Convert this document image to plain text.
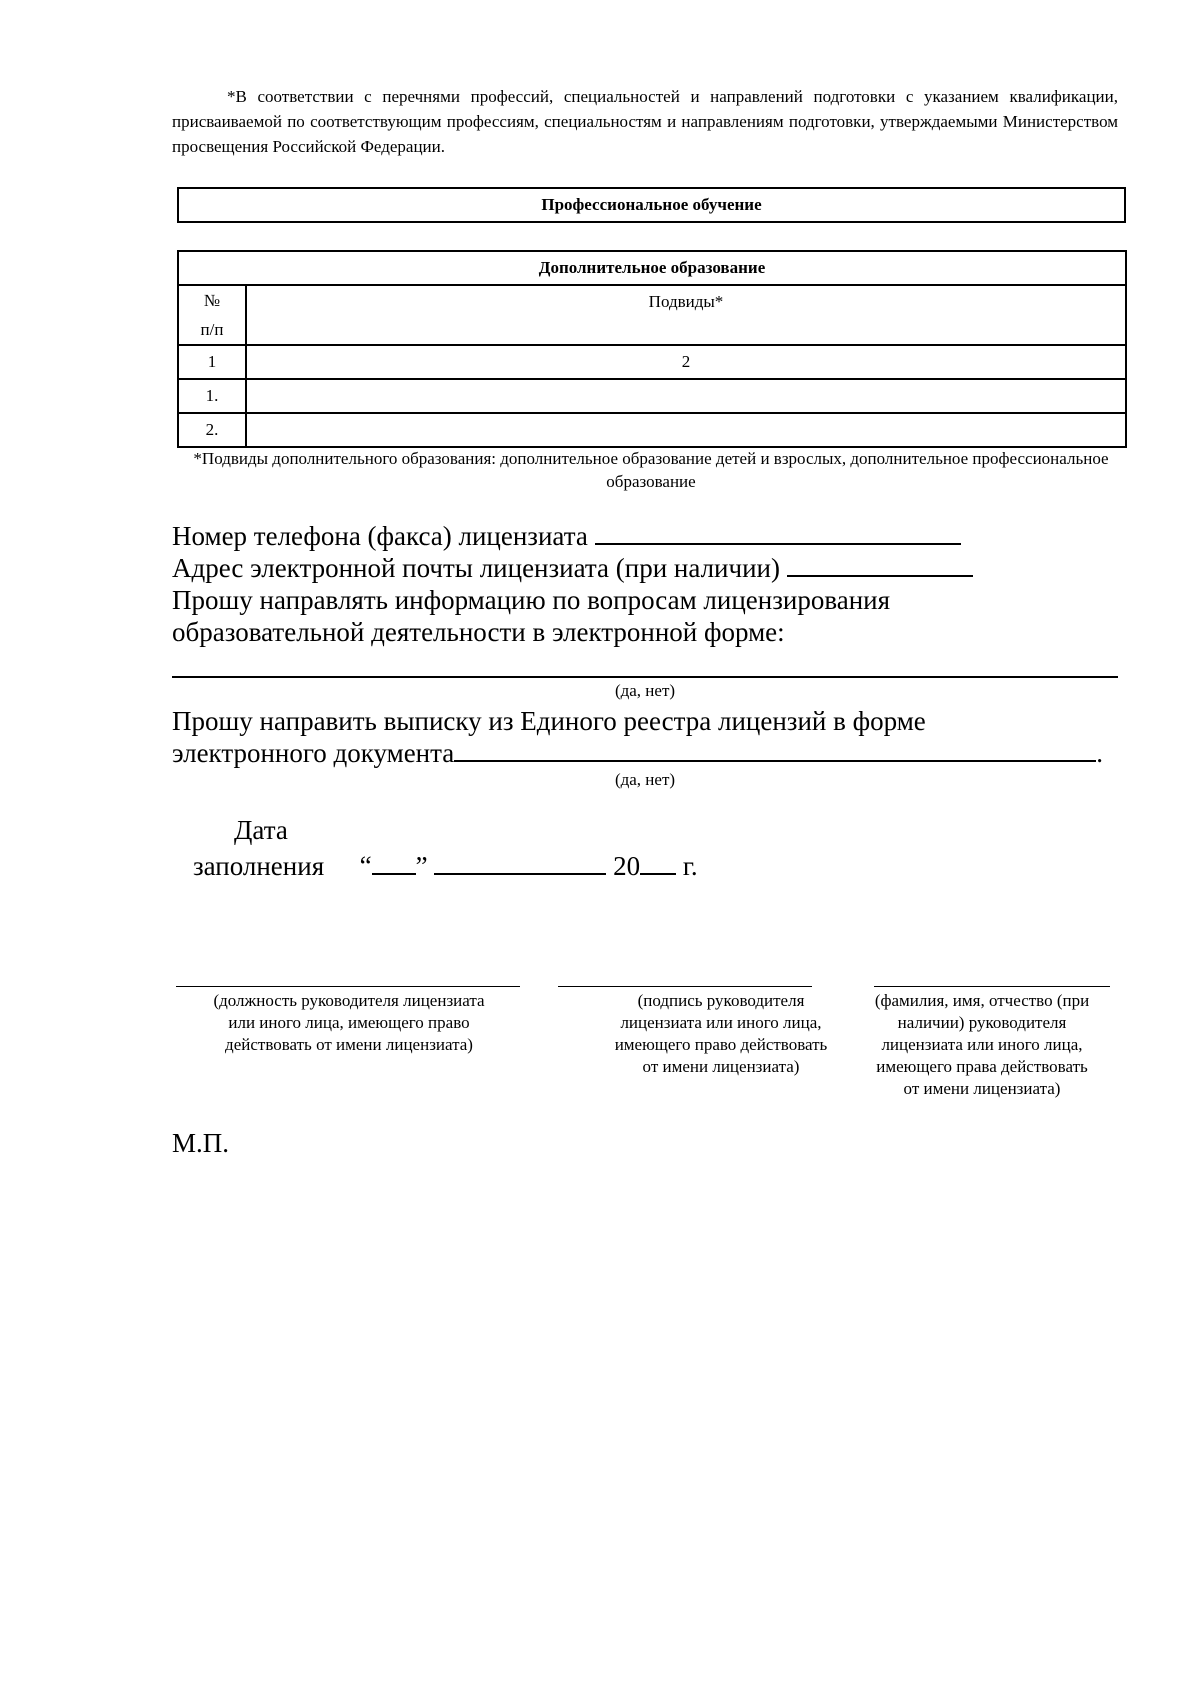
*В соответствии с перечнями профессий, специальностей и направлений подготовки с указанием квалификации, присваиваемой по соответствующим профессиям, специальностям и направлениям подготовки, утверждаемыми Министерством просвещения Российской Федерации.
Профессиональное обучение
Дополнительное образование	

№
п/п	Подвиды*
1	2
1.	
2.	
*Подвиды дополнительного образования: дополнительное образование детей и взрослых, дополнительное профессиональное образование
Номер телефона (факса) лицензиата
Адрес электронной почты лицензиата (при наличии)
Прошу направлять информацию по вопросам лицензирования
образовательной деятельности в электронной форме:
(да, нет)
Прошу направить выписку из Единого реестра лицензий в форме
электронного документа	.
(да, нет)
Дата
заполнения “ ”	20 г.
(должность руководителя лицензиата
или иного лица, имеющего право
действовать от имени лицензиата)
(подпись руководителя
лицензиата или иного лица,
имеющего право действовать
от имени лицензиата)
(фамилия, имя, отчество (при
наличии) руководителя
лицензиата или иного лица,
имеющего права действовать
от имени лицензиата)
М.П.
